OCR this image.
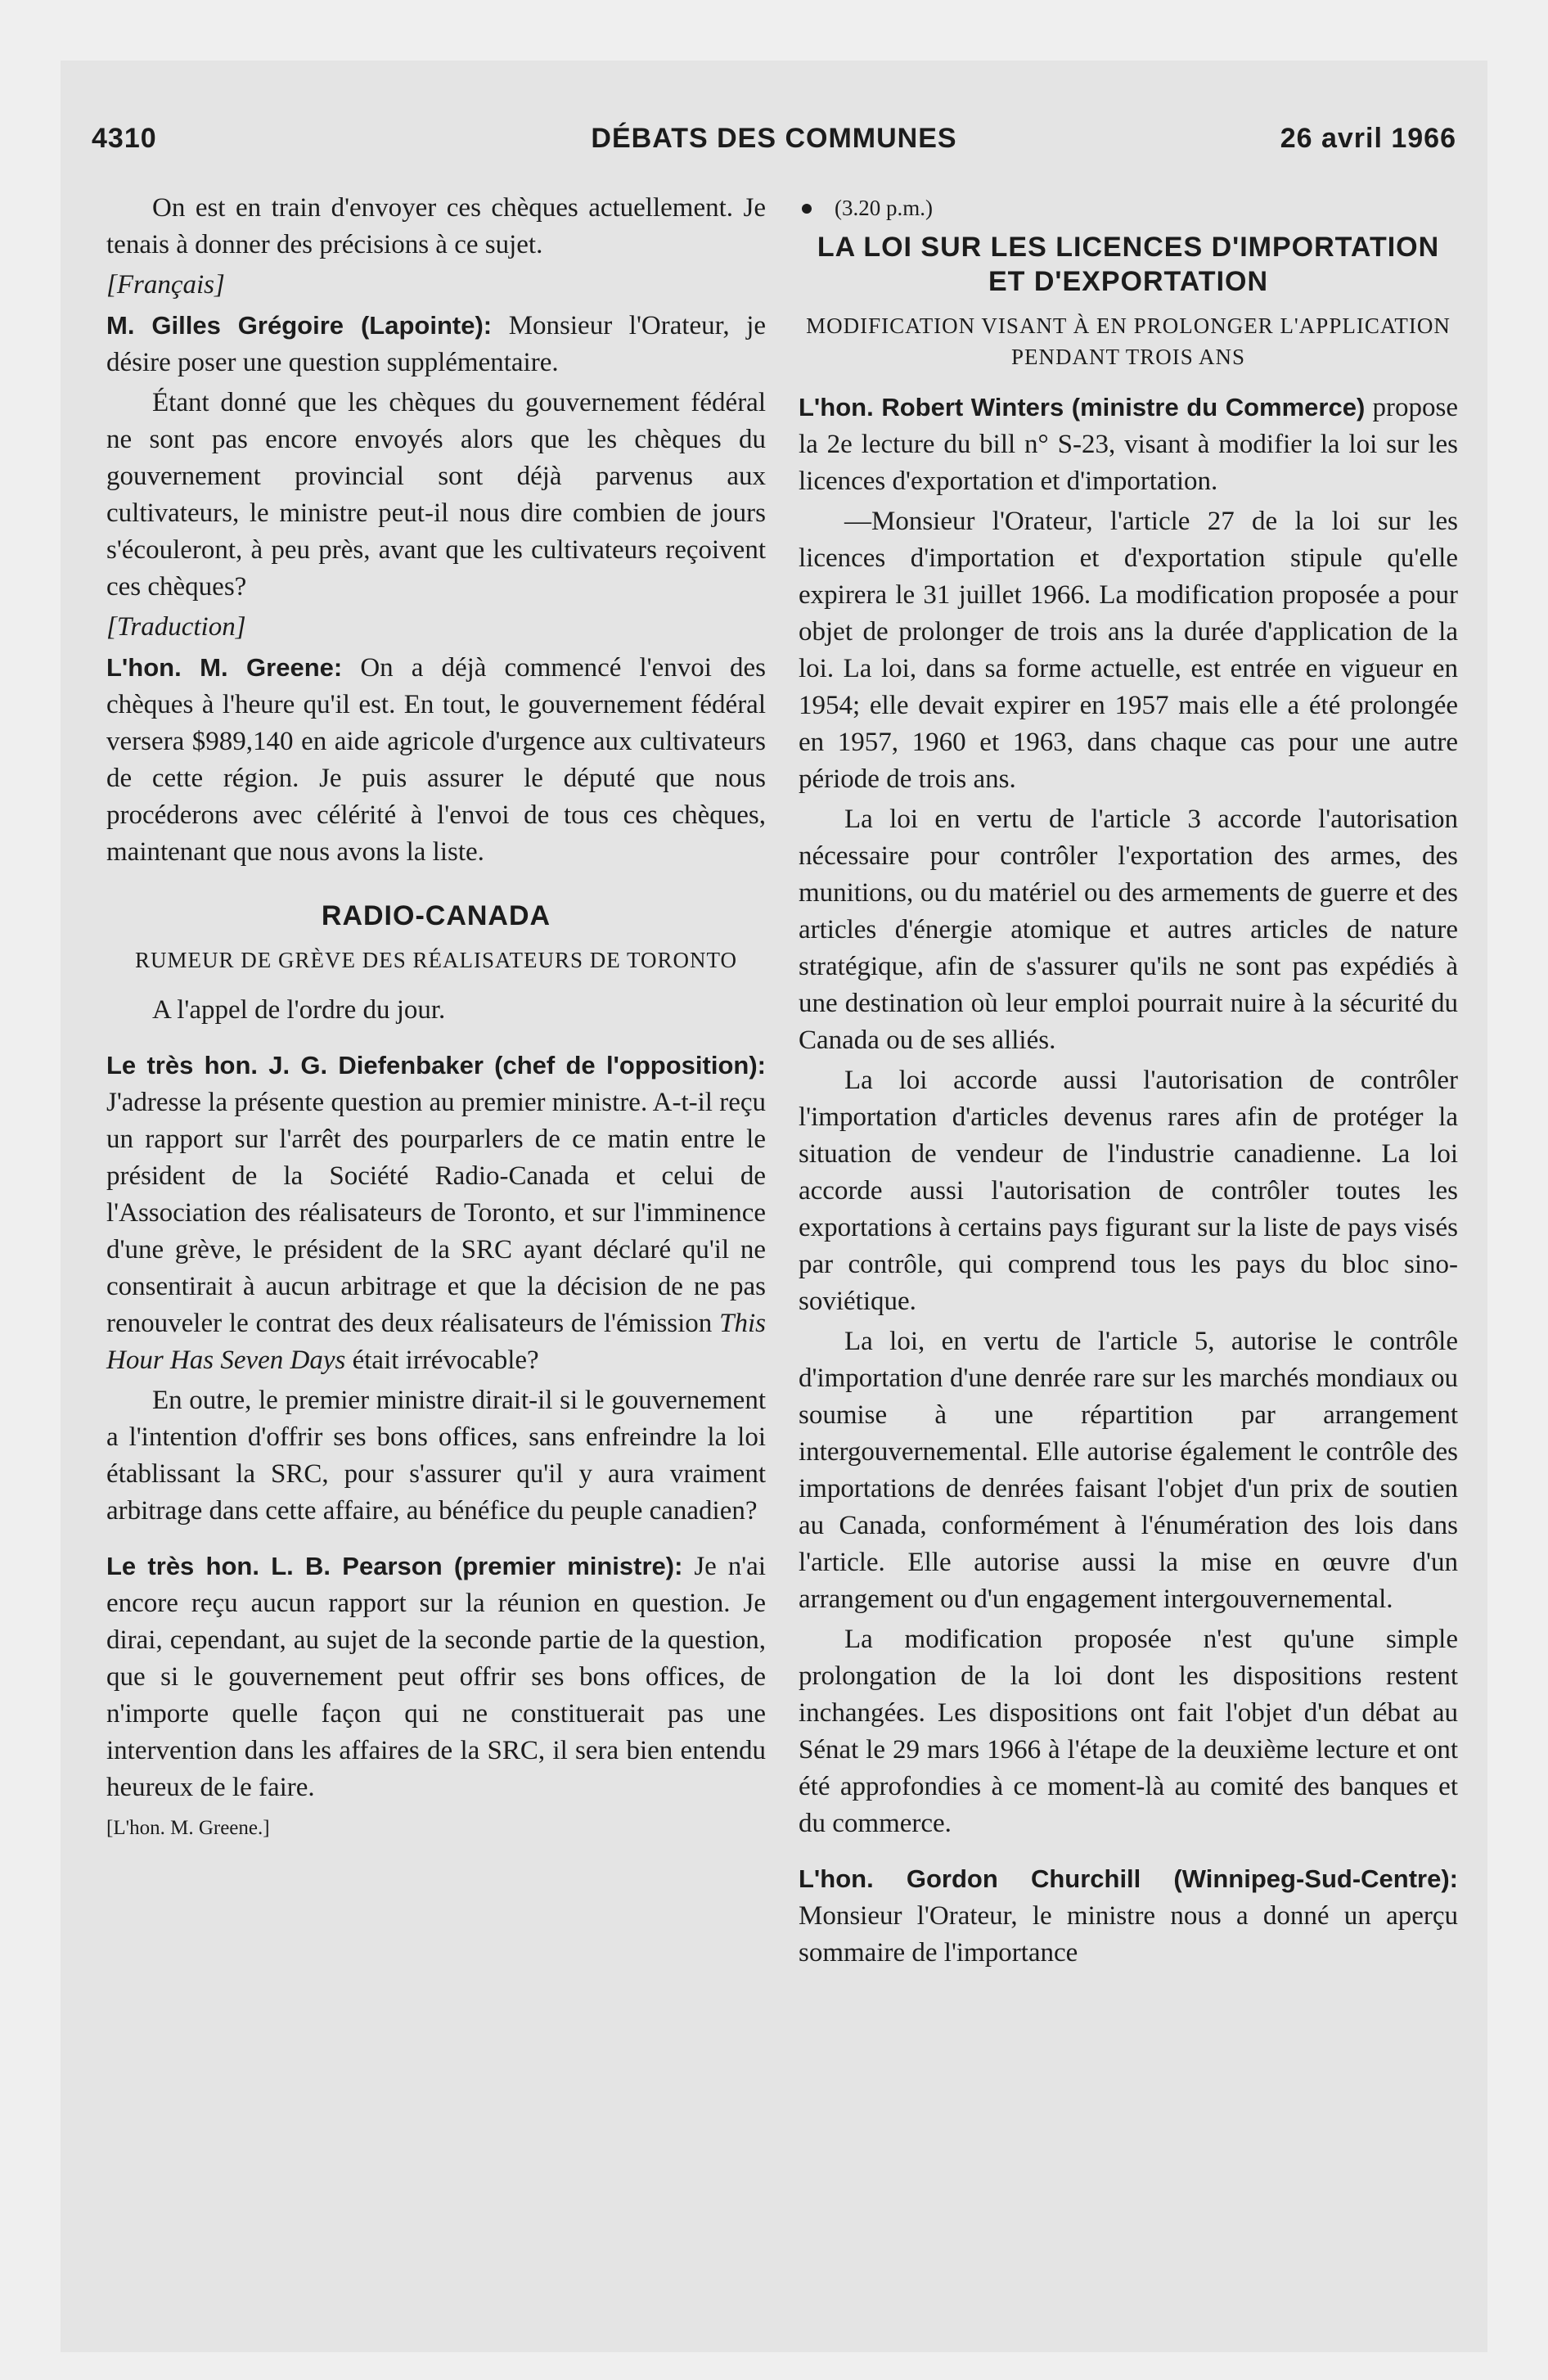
4310	DÉBATS DES COMMUNES	26 avril 1966

On est en train d'envoyer ces chèques actuellement. Je tenais à donner des précisions à ce sujet.

[Français]

M. Gilles Grégoire (Lapointe): Monsieur l'Orateur, je désire poser une question supplémentaire.

Étant donné que les chèques du gouvernement fédéral ne sont pas encore envoyés alors que les chèques du gouvernement provincial sont déjà parvenus aux cultivateurs, le ministre peut-il nous dire combien de jours s'écouleront, à peu près, avant que les cultivateurs reçoivent ces chèques?

[Traduction]

L'hon. M. Greene: On a déjà commencé l'envoi des chèques à l'heure qu'il est. En tout, le gouvernement fédéral versera $989,140 en aide agricole d'urgence aux cultivateurs de cette région. Je puis assurer le député que nous procéderons avec célérité à l'envoi de tous ces chèques, maintenant que nous avons la liste.

RADIO-CANADA
RUMEUR DE GRÈVE DES RÉALISATEURS DE TORONTO

A l'appel de l'ordre du jour.

Le très hon. J. G. Diefenbaker (chef de l'opposition): J'adresse la présente question au premier ministre. A-t-il reçu un rapport sur l'arrêt des pourparlers de ce matin entre le président de la Société Radio-Canada et celui de l'Association des réalisateurs de Toronto, et sur l'imminence d'une grève, le président de la SRC ayant déclaré qu'il ne consentirait à aucun arbitrage et que la décision de ne pas renouveler le contrat des deux réalisateurs de l'émission This Hour Has Seven Days était irrévocable?

En outre, le premier ministre dirait-il si le gouvernement a l'intention d'offrir ses bons offices, sans enfreindre la loi établissant la SRC, pour s'assurer qu'il y aura vraiment arbitrage dans cette affaire, au bénéfice du peuple canadien?

Le très hon. L. B. Pearson (premier ministre): Je n'ai encore reçu aucun rapport sur la réunion en question. Je dirai, cependant, au sujet de la seconde partie de la question, que si le gouvernement peut offrir ses bons offices, de n'importe quelle façon qui ne constituerait pas une intervention dans les affaires de la SRC, il sera bien entendu heureux de le faire.

[L'hon. M. Greene.]

(3.20 p.m.)

LA LOI SUR LES LICENCES D'IMPORTATION ET D'EXPORTATION
MODIFICATION VISANT À EN PROLONGER L'APPLICATION PENDANT TROIS ANS

L'hon. Robert Winters (ministre du Commerce) propose la 2e lecture du bill n° S-23, visant à modifier la loi sur les licences d'exportation et d'importation.

—Monsieur l'Orateur, l'article 27 de la loi sur les licences d'importation et d'exportation stipule qu'elle expirera le 31 juillet 1966. La modification proposée a pour objet de prolonger de trois ans la durée d'application de la loi. La loi, dans sa forme actuelle, est entrée en vigueur en 1954; elle devait expirer en 1957 mais elle a été prolongée en 1957, 1960 et 1963, dans chaque cas pour une autre période de trois ans.

La loi en vertu de l'article 3 accorde l'autorisation nécessaire pour contrôler l'exportation des armes, des munitions, ou du matériel ou des armements de guerre et des articles d'énergie atomique et autres articles de nature stratégique, afin de s'assurer qu'ils ne sont pas expédiés à une destination où leur emploi pourrait nuire à la sécurité du Canada ou de ses alliés.

La loi accorde aussi l'autorisation de contrôler l'importation d'articles devenus rares afin de protéger la situation de vendeur de l'industrie canadienne. La loi accorde aussi l'autorisation de contrôler toutes les exportations à certains pays figurant sur la liste de pays visés par contrôle, qui comprend tous les pays du bloc sino-soviétique.

La loi, en vertu de l'article 5, autorise le contrôle d'importation d'une denrée rare sur les marchés mondiaux ou soumise à une répartition par arrangement intergouvernemental. Elle autorise également le contrôle des importations de denrées faisant l'objet d'un prix de soutien au Canada, conformément à l'énumération des lois dans l'article. Elle autorise aussi la mise en œuvre d'un arrangement ou d'un engagement intergouvernemental.

La modification proposée n'est qu'une simple prolongation de la loi dont les dispositions restent inchangées. Les dispositions ont fait l'objet d'un débat au Sénat le 29 mars 1966 à l'étape de la deuxième lecture et ont été approfondies à ce moment-là au comité des banques et du commerce.

L'hon. Gordon Churchill (Winnipeg-Sud-Centre): Monsieur l'Orateur, le ministre nous a donné un aperçu sommaire de l'importance
